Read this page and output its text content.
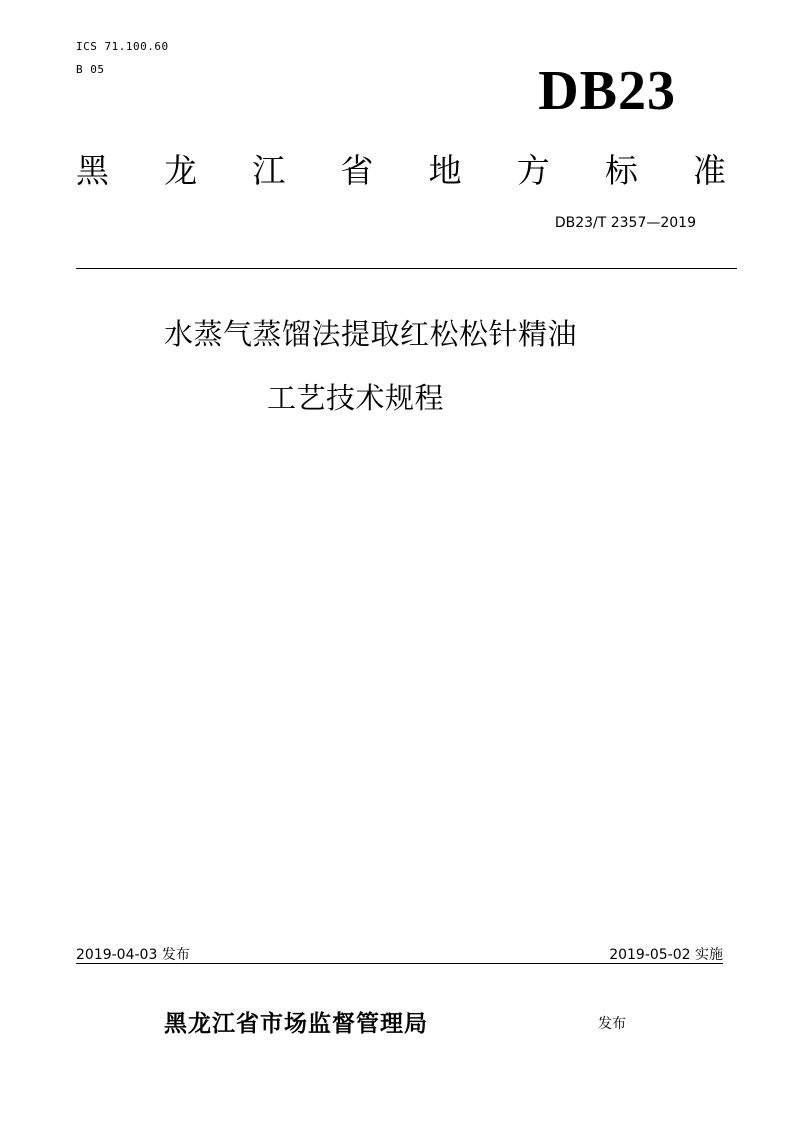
ICS 71.100.60
B 05	DB23
黑 龙 江 省 地 方 标 准
DB23/T 2357—2019
水蒸气蒸馏法提取红松松针精油
工艺技术规程
2019-04-03 发布	2019-05-02 实施
黑龙江省市场监督管理局	发布
